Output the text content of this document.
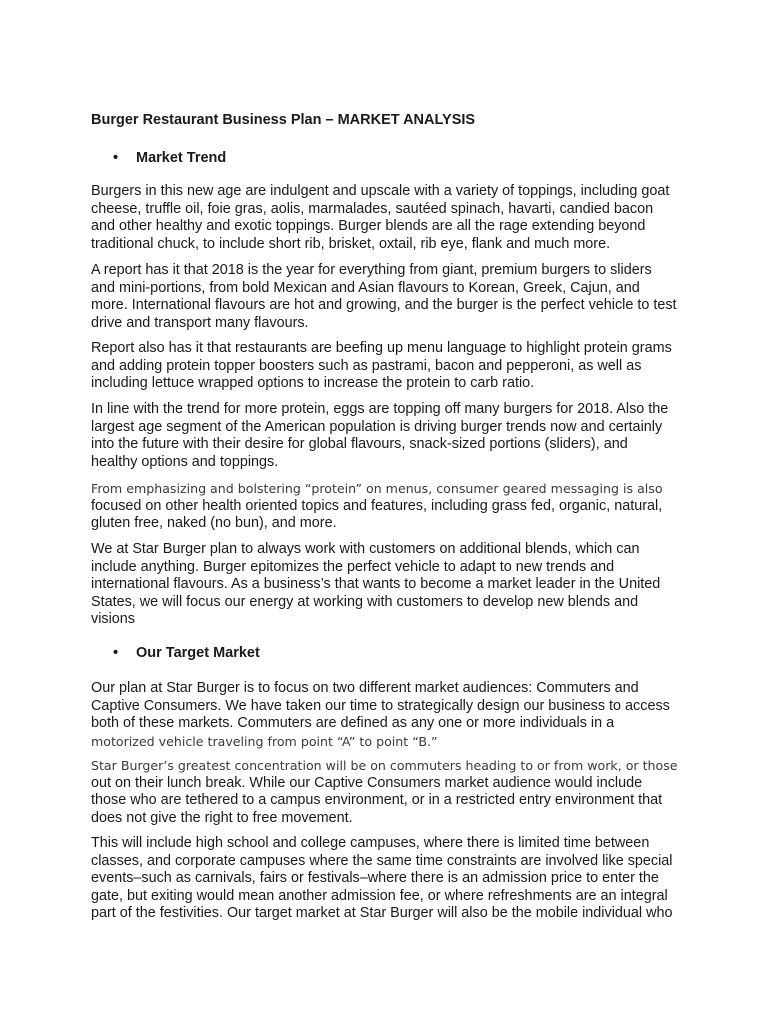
Burger Restaurant Business Plan – MARKET ANALYSIS
• Market Trend

Burgers in this new age are indulgent and upscale with a variety of toppings, including goat
cheese, truffle oil, foie gras, aolis, marmalades, sautéed spinach, havarti, candied bacon
and other healthy and exotic toppings. Burger blends are all the rage extending beyond
traditional chuck, to include short rib, brisket, oxtail, rib eye, flank and much more.

A report has it that 2018 is the year for everything from giant, premium burgers to sliders
and mini-portions, from bold Mexican and Asian flavours to Korean, Greek, Cajun, and
more. International flavours are hot and growing, and the burger is the perfect vehicle to test
drive and transport many flavours.

Report also has it that restaurants are beefing up menu language to highlight protein grams
and adding protein topper boosters such as pastrami, bacon and pepperoni, as well as
including lettuce wrapped options to increase the protein to carb ratio.

In line with the trend for more protein, eggs are topping off many burgers for 2018. Also the
largest age segment of the American population is driving burger trends now and certainly
into the future with their desire for global flavours, snack-sized portions (sliders), and
healthy options and toppings.

From emphasizing and bolstering “protein” on menus, consumer geared messaging is also
focused on other health oriented topics and features, including grass fed, organic, natural,
gluten free, naked (no bun), and more.

We at Star Burger plan to always work with customers on additional blends, which can
include anything. Burger epitomizes the perfect vehicle to adapt to new trends and
international flavours. As a business’s that wants to become a market leader in the United
States, we will focus our energy at working with customers to develop new blends and
visions

• Our Target Market

Our plan at Star Burger is to focus on two different market audiences: Commuters and
Captive Consumers. We have taken our time to strategically design our business to access
both of these markets. Commuters are defined as any one or more individuals in a
motorized vehicle traveling from point “A” to point “B.”

Star Burger’s greatest concentration will be on commuters heading to or from work, or those
out on their lunch break. While our Captive Consumers market audience would include
those who are tethered to a campus environment, or in a restricted entry environment that
does not give the right to free movement.

This will include high school and college campuses, where there is limited time between
classes, and corporate campuses where the same time constraints are involved like special
events–such as carnivals, fairs or festivals–where there is an admission price to enter the
gate, but exiting would mean another admission fee, or where refreshments are an integral
part of the festivities. Our target market at Star Burger will also be the mobile individual who
